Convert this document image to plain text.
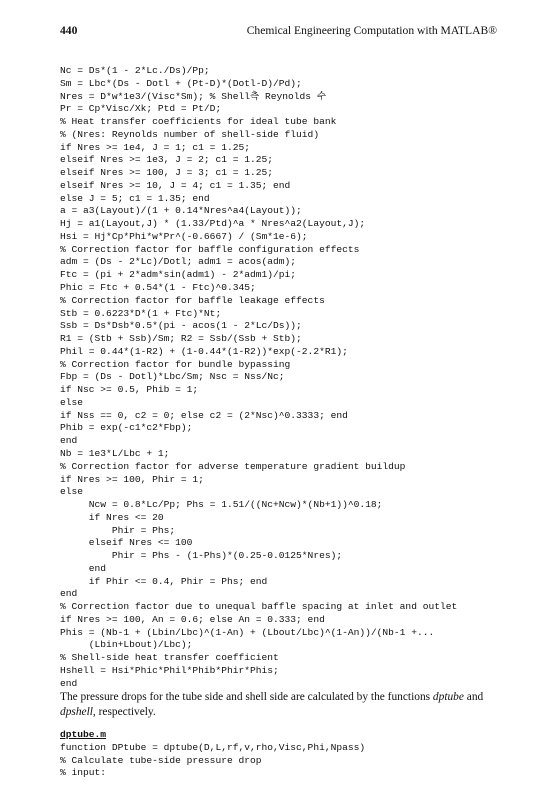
440	Chemical Engineering Computation with MATLAB®
Nc = Ds*(1 - 2*Lc./Ds)/Pp;
Sm = Lbc*(Ds - Dotl + (Pt-D)*(Dotl-D)/Pd);
Nres = D*w*1e3/(Visc*Sm); % Shell측 Reynolds 수
Pr = Cp*Visc/Xk; Ptd = Pt/D;
% Heat transfer coefficients for ideal tube bank
% (Nres: Reynolds number of shell-side fluid)
if Nres >= 1e4, J = 1; c1 = 1.25;
elseif Nres >= 1e3, J = 2; c1 = 1.25;
elseif Nres >= 100, J = 3; c1 = 1.25;
elseif Nres >= 10, J = 4; c1 = 1.35; end
else J = 5; c1 = 1.35; end
a = a3(Layout)/(1 + 0.14*Nres^a4(Layout));
Hj = a1(Layout,J) * (1.33/Ptd)^a * Nres^a2(Layout,J);
Hsi = Hj*Cp*Phi*w*Pr^(-0.6667) / (Sm*1e-6);
% Correction factor for baffle configuration effects
adm = (Ds - 2*Lc)/Dotl; adm1 = acos(adm);
Ftc = (pi + 2*adm*sin(adm1) - 2*adm1)/pi;
Phic = Ftc + 0.54*(1 - Ftc)^0.345;
% Correction factor for baffle leakage effects
Stb = 0.6223*D*(1 + Ftc)*Nt;
Ssb = Ds*Dsb*0.5*(pi - acos(1 - 2*Lc/Ds));
R1 = (Stb + Ssb)/Sm; R2 = Ssb/(Ssb + Stb);
Phil = 0.44*(1-R2) + (1-0.44*(1-R2))*exp(-2.2*R1);
% Correction factor for bundle bypassing
Fbp = (Ds - Dotl)*Lbc/Sm; Nsc = Nss/Nc;
if Nsc >= 0.5, Phib = 1;
else
if Nss == 0, c2 = 0; else c2 = (2*Nsc)^0.3333; end
Phib = exp(-c1*c2*Fbp);
end
Nb = 1e3*L/Lbc + 1;
% Correction factor for adverse temperature gradient buildup
if Nres >= 100, Phir = 1;
else
Ncw = 0.8*Lc/Pp; Phs = 1.51/((Nc+Ncw)*(Nb+1))^0.18;
if Nres <= 20
Phir = Phs;
elseif Nres <= 100
Phir = Phs - (1-Phs)*(0.25-0.0125*Nres);
end
if Phir <= 0.4, Phir = Phs; end
end
% Correction factor due to unequal baffle spacing at inlet and outlet
if Nres >= 100, An = 0.6; else An = 0.333; end
Phis = (Nb-1 + (Lbin/Lbc)^(1-An) + (Lbout/Lbc)^(1-An))/(Nb-1 +...
(Lbin+Lbout)/Lbc);
% Shell-side heat transfer coefficient
Hshell = Hsi*Phic*Phil*Phib*Phir*Phis;
end

The pressure drops for the tube side and shell side are calculated by the functions dptube and dpshell, respectively.

dptube.m
function DPtube = dptube(D,L,rf,v,rho,Visc,Phi,Npass)
% Calculate tube-side pressure drop
% input:
